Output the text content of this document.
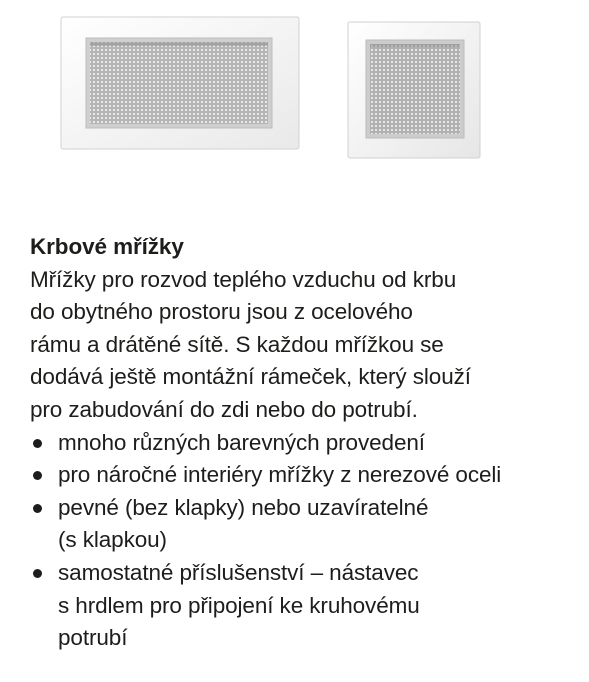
Krbové mřížky

Mřížky pro rozvod teplého vzduchu od krbu
do obytného prostoru jsou z ocelového
rámu a drátěné sítě. S každou mřížkou se
dodává ještě montážní rámeček, který slouží
pro zabudování do zdi nebo do potrubí.

mnoho různých barevných provedení
pro náročné interiéry mřížky z nerezové oceli
pevné (bez klapky) nebo uzavíratelné
(s klapkou)
samostatné příslušenství – nástavec
s hrdlem pro připojení ke kruhovému
potrubí
